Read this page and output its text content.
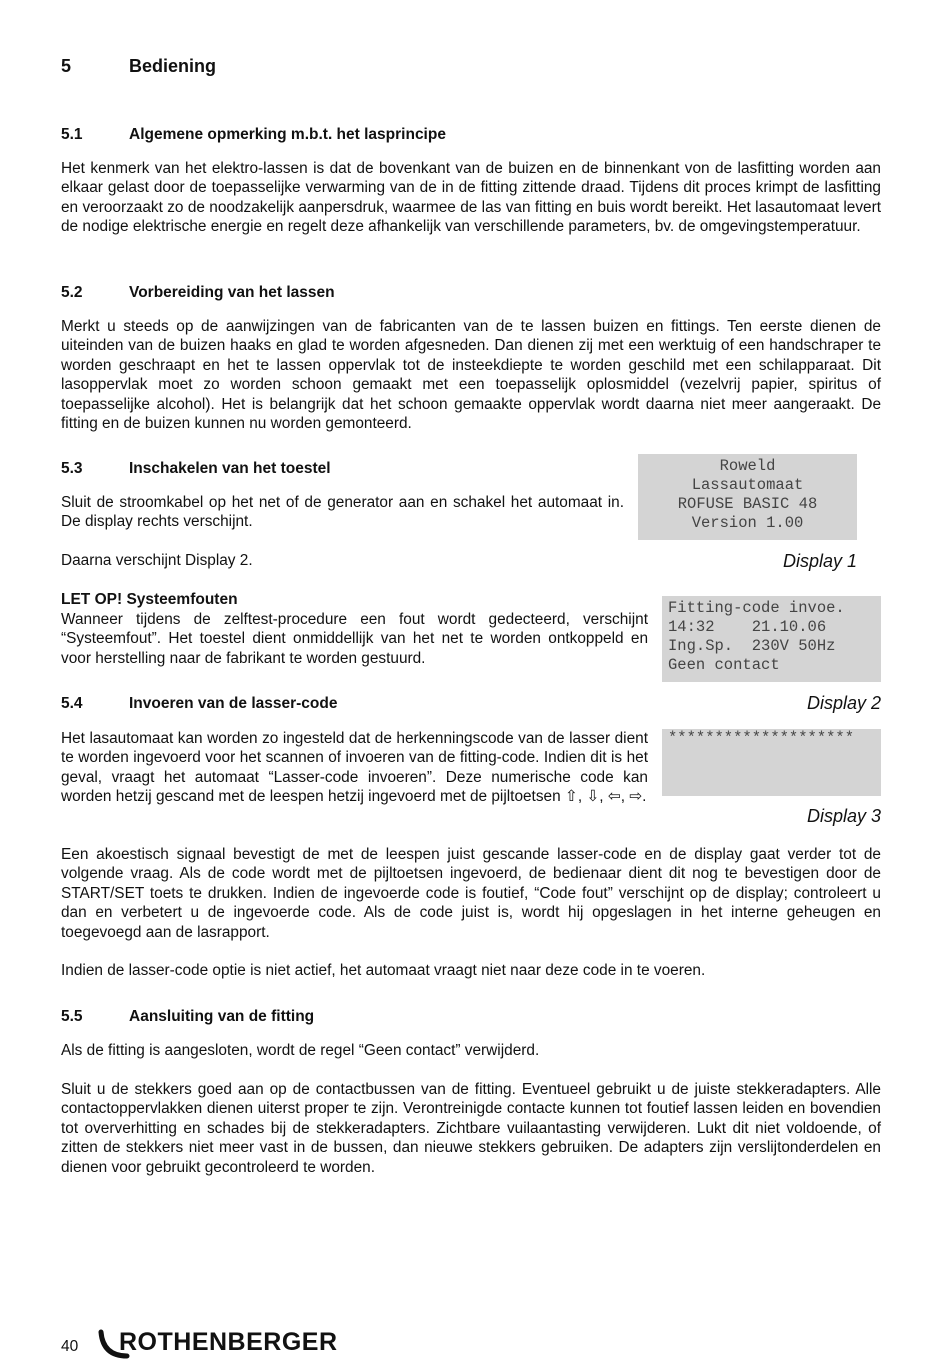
5	Bediening
5.1	Algemene opmerking m.b.t. het lasprincipe
Het kenmerk van het elektro-lassen is dat de bovenkant van de buizen en de binnenkant von de lasfitting worden aan elkaar gelast door de toepasselijke verwarming van de in de fitting zittende draad. Tijdens dit proces krimpt de lasfitting en veroorzaakt zo de noodzakelijk aanpersdruk, waarmee de las van fitting en buis wordt bereikt. Het lasautomaat levert de nodige elektrische energie en regelt deze afhankelijk van verschillende parameters, bv. de omgevingstemperatuur.
5.2	Vorbereiding van het lassen
Merkt u steeds op de aanwijzingen van de fabricanten van de te lassen buizen en fittings. Ten eerste dienen de uiteinden van de buizen haaks en glad te worden afgesneden. Dan dienen zij met een werktuig of een handschraper te worden geschraapt en het te lassen oppervlak tot de insteekdiepte te worden geschild met een schilapparaat. Dit lasoppervlak moet zo worden schoon gemaakt met een toepasselijk oplosmiddel (vezelvrij papier, spiritus of toepasselijke alcohol). Het is belangrijk dat het schoon gemaakte oppervlak wordt daarna niet meer aangeraakt. De fitting en de buizen kunnen nu worden gemonteerd.
5.3	Inschakelen van het toestel
Sluit de stroomkabel op het net of de generator aan en schakel het automaat in. De display rechts verschijnt.
Daarna verschijnt Display 2.
Roweld
Lassautomaat
ROFUSE BASIC 48
Version 1.00
Display 1
LET OP! Systeemfouten
Wanneer tijdens de zelftest-procedure een fout wordt gedecteerd, verschijnt “Systeemfout”. Het toestel dient onmiddellijk van het net te worden ontkoppeld en voor herstelling naar de fabrikant te worden gestuurd.
Fitting-code invoe.
14:32    21.10.06
Ing.Sp.  230V 50Hz
Geen contact
Display 2
5.4	Invoeren van de lasser-code
Het lasautomaat kan worden zo ingesteld dat de herkenningscode van de lasser dient te worden ingevoerd voor het scannen of invoeren van de fitting-code. Indien dit is het geval, vraagt het automaat “Lasser-code invoeren”. Deze numerische code kan worden hetzij gescand met de leespen hetzij ingevoerd met de pijltoetsen ⇧, ⇩, ⇦, ⇨.
********************
Display 3
Een akoestisch signaal bevestigt de met de leespen juist gescande lasser-code en de display gaat verder tot de volgende vraag. Als de code wordt met de pijltoetsen ingevoerd, de bedienaar dient dit nog te bevestigen door de START/SET toets te drukken. Indien de ingevoerde code is foutief, “Code fout” verschijnt op de display; controleert u dan en verbetert u de ingevoerde code. Als de code juist is, wordt hij opgeslagen in het interne geheugen en toegevoegd aan de lasrapport.
Indien de lasser-code optie is niet actief, het automaat vraagt niet naar deze code in te voeren.
5.5	Aansluiting van de fitting
Als de fitting is aangesloten, wordt de regel “Geen contact” verwijderd.
Sluit u de stekkers goed aan op de contactbussen van de fitting. Eventueel gebruikt u de juiste stekkeradapters. Alle contactoppervlakken dienen uiterst proper te zijn. Verontreinigde contacte kunnen tot foutief lassen leiden en bovendien tot oververhitting en schades bij de stekkeradapters. Zichtbare vuilaantasting verwijderen. Lukt dit niet voldoende, of zitten de stekkers niet meer vast in de bussen, dan nieuwe stekkers gebruiken. De adapters zijn verslijtonderdelen en dienen voor gebruikt gecontroleerd te worden.
40 ROTHENBERGER
